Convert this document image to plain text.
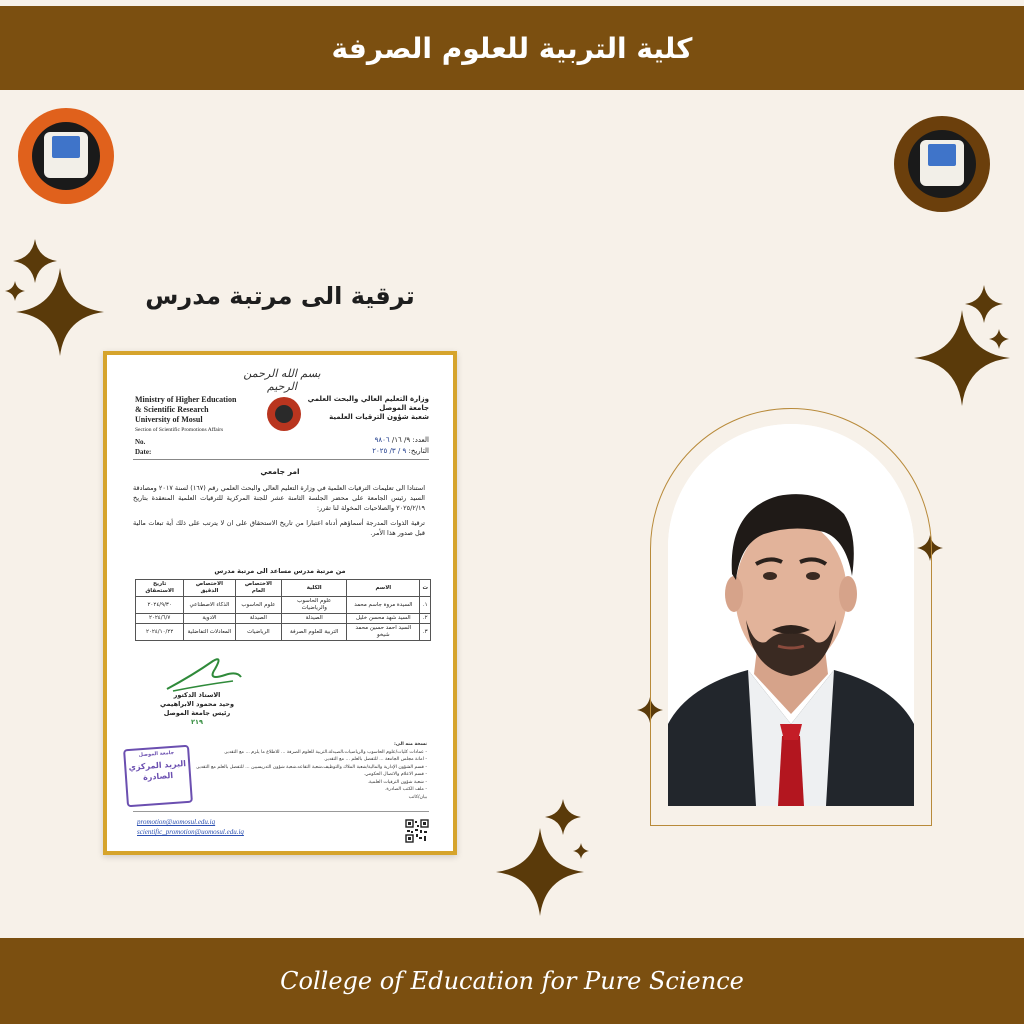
كلية التربية للعلوم الصرفة
ترقية الى مرتبة مدرس
بسم الله الرحمن الرحيم
Ministry of Higher Education
& Scientific Research
University of Mosul
Section of Scientific Promotions Affairs
No.
Date:
وزارة التعليم العالي والبحث العلمي
جامعة الموصل
شعبة شؤون الترقيات العلمية
العدد: ٩/ ١٦/ ٩٨٠٦
التاريخ: ٩ / ٣/ ٢٠٢٥
امر جامعي

استنادا الى تعليمات الترقيات العلمية في وزارة التعليم العالي والبحث العلمي رقم (١٦٧) لسنة ٢٠١٧ ومصادقة السيد رئيس الجامعة على محضر الجلسة الثامنة عشر للجنة المركزية للترقيات العلمية المنعقدة بتاريخ ٢٠٢٥/٢/١٩ والصلاحيات المخولة لنا تقرر:

ترقية الذوات المدرجة أسماؤهم أدناه اعتبارا من تاريخ الاستحقاق على ان لا يترتب على ذلك أية تبعات مالية قبل صدور هذا الأمر.

من مرتبة مدرس مساعد الى مرتبة مدرس
ت	الاسم	الكلية	الاختصاص العام	الاختصاص الدقيق	تاريخ الاستحقاق
١.	السيدة مروة جاسم محمد	علوم الحاسوب والرياضيات	علوم الحاسوب	الذكاء الاصطناعي	٢٠٢٤/٩/٣٠
٢.	السيد شهد محسن خليل	الصيدلة	الصيدلة	الادوية	٢٠٢٤/٦/٧
٣.	السيد احمد حسين محمد شيخو	التربية للعلوم الصرفة	الرياضيات	المعادلات التفاضلية	٢٠٢٤/١٠/٢٢
الاستاذ الدكتور
وحيد محمود الابراهيمي
رئيس جامعة الموصل
٢١٩
نسخة منه الى:
- عمادات كليات/علوم الحاسوب والرياضيات،الصيدلة،التربية للعلوم الصرفة ... للاطلاع ما يلزم ... مع التقدير.
- امانة مجلس الجامعة ... للتفضل بالعلم ... مع التقدير.
- قسم الشؤون الإدارية والمالية/شعبة الملاك والتوظيف،شعبة التقاعد،شعبة شؤون التدريسيين ... للتفضل بالعلم مع التقدير.
- قسم الاعلام والاتصال الحكومي.
- شعبة شؤون الترقيات العلمية.
- ملف الكتب الصادرة.
بيان/كاتب
جامعة الموصل
البريد المركزي
الصادرة
promotion@uomosul.edu.iq
scientific_promotion@uomosul.edu.iq
College of Education for Pure Science
